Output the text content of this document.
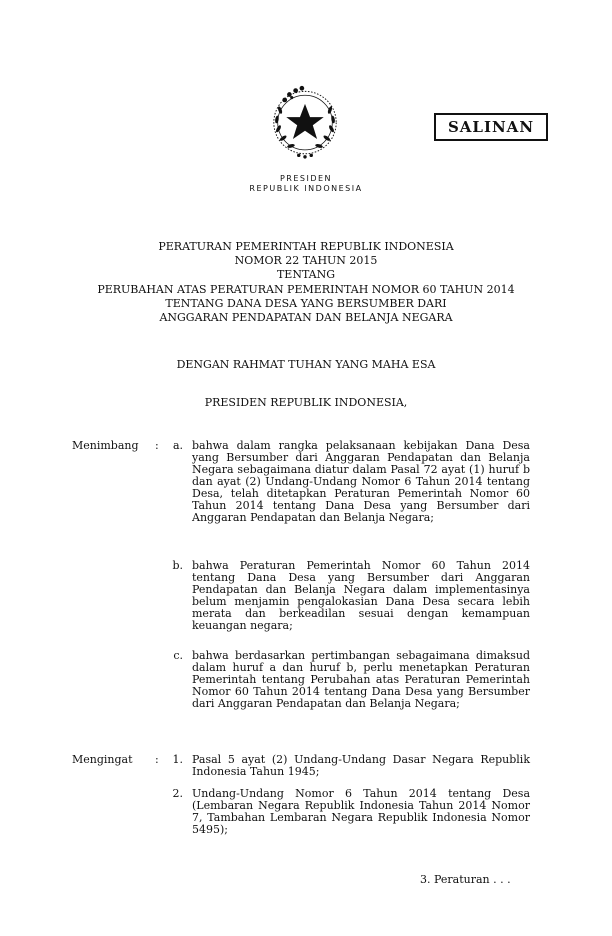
SALINAN
PRESIDEN
REPUBLIK INDONESIA
PERATURAN PEMERINTAH REPUBLIK INDONESIA
NOMOR 22 TAHUN 2015
TENTANG
PERUBAHAN ATAS PERATURAN PEMERINTAH NOMOR 60 TAHUN 2014
TENTANG DANA DESA YANG BERSUMBER DARI
ANGGARAN PENDAPATAN DAN BELANJA NEGARA
DENGAN RAHMAT TUHAN YANG MAHA ESA
PRESIDEN REPUBLIK INDONESIA,
Menimbang :	a. bahwa dalam rangka pelaksanaan kebijakan Dana Desa yang Bersumber dari Anggaran Pendapatan dan Belanja Negara sebagaimana diatur dalam Pasal 72 ayat (1) huruf b dan ayat (2) Undang-Undang Nomor 6 Tahun 2014 tentang Desa, telah ditetapkan Peraturan Pemerintah Nomor 60 Tahun 2014 tentang Dana Desa yang Bersumber dari Anggaran Pendapatan dan Belanja Negara;
b. bahwa Peraturan Pemerintah Nomor 60 Tahun 2014 tentang Dana Desa yang Bersumber dari Anggaran Pendapatan dan Belanja Negara dalam implementasinya belum menjamin pengalokasian Dana Desa secara lebih merata dan berkeadilan sesuai dengan kemampuan keuangan negara;
c. bahwa berdasarkan pertimbangan sebagaimana dimaksud dalam huruf a dan huruf b, perlu menetapkan Peraturan Pemerintah tentang Perubahan atas Peraturan Pemerintah Nomor 60 Tahun 2014 tentang Dana Desa yang Bersumber dari Anggaran Pendapatan dan Belanja Negara;
Mengingat :	1. Pasal 5 ayat (2) Undang-Undang Dasar Negara Republik Indonesia Tahun 1945;
2. Undang-Undang Nomor 6 Tahun 2014 tentang Desa (Lembaran Negara Republik Indonesia Tahun 2014 Nomor 7, Tambahan Lembaran Negara Republik Indonesia Nomor 5495);
3. Peraturan . . .
